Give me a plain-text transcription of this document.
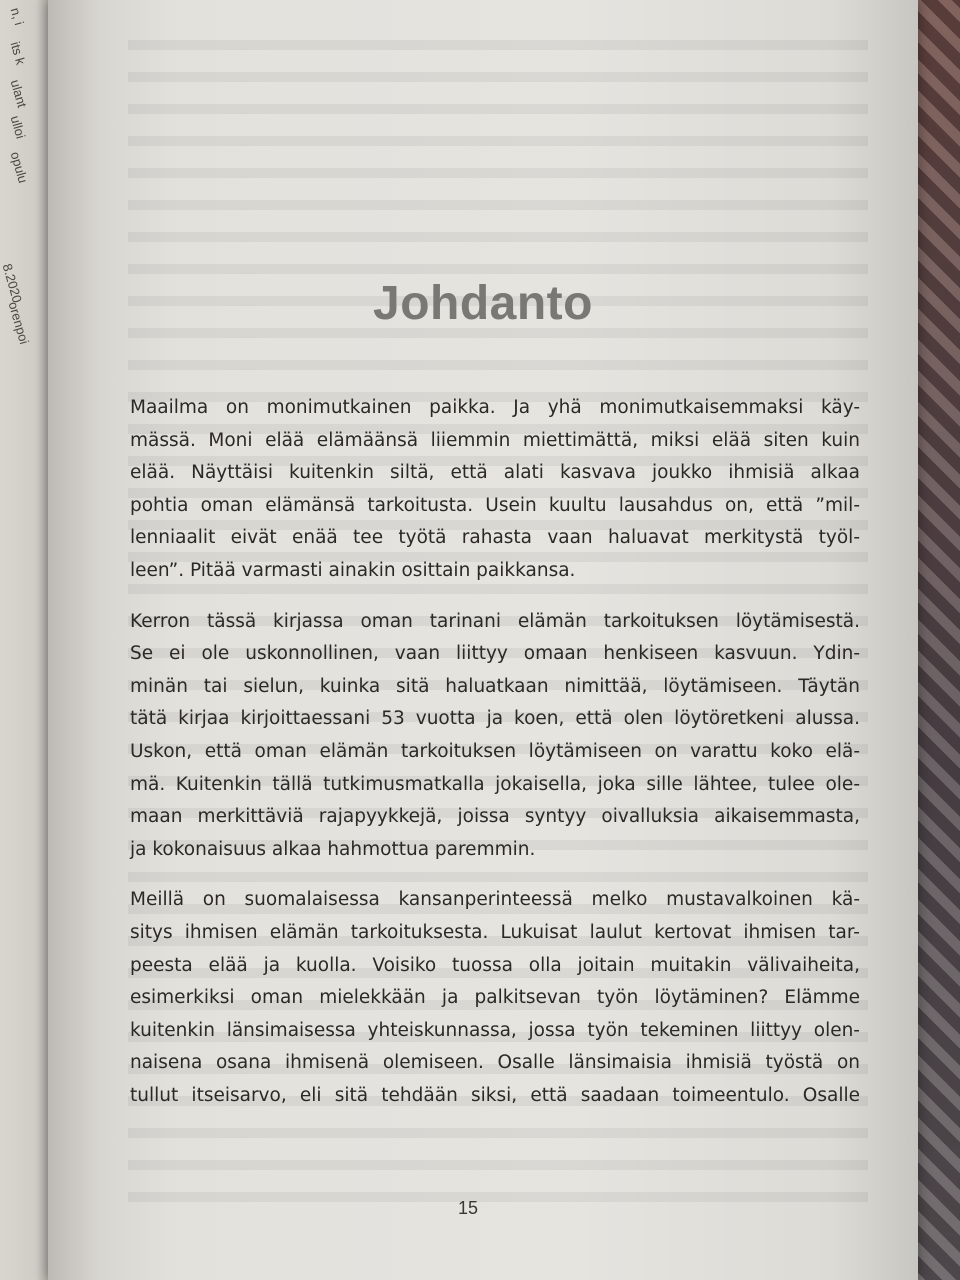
n, i
its k
ulant
ulloi
opulu
8.2020
orenpoi	Johdanto
Maailma on monimutkainen paikka. Ja yhä monimutkaisemmaksi käy-
mässä. Moni elää elämäänsä liiemmin miettimättä, miksi elää siten kuin
elää. Näyttäisi kuitenkin siltä, että alati kasvava joukko ihmisiä alkaa
pohtia oman elämänsä tarkoitusta. Usein kuultu lausahdus on, että ”mil-
lenniaalit eivät enää tee työtä rahasta vaan haluavat merkitystä työl-
leen”. Pitää varmasti ainakin osittain paikkansa.
Kerron tässä kirjassa oman tarinani elämän tarkoituksen löytämisestä.
Se ei ole uskonnollinen, vaan liittyy omaan henkiseen kasvuun. Ydin-
minän tai sielun, kuinka sitä haluatkaan nimittää, löytämiseen. Täytän
tätä kirjaa kirjoittaessani 53 vuotta ja koen, että olen löytöretkeni alussa.
Uskon, että oman elämän tarkoituksen löytämiseen on varattu koko elä-
mä. Kuitenkin tällä tutkimusmatkalla jokaisella, joka sille lähtee, tulee ole-
maan merkittäviä rajapyykkejä, joissa syntyy oivalluksia aikaisemmasta,
ja kokonaisuus alkaa hahmottua paremmin.
Meillä on suomalaisessa kansanperinteessä melko mustavalkoinen kä-
sitys ihmisen elämän tarkoituksesta. Lukuisat laulut kertovat ihmisen tar-
peesta elää ja kuolla. Voisiko tuossa olla joitain muitakin välivaiheita,
esimerkiksi oman mielekkään ja palkitsevan työn löytäminen? Elämme
kuitenkin länsimaisessa yhteiskunnassa, jossa työn tekeminen liittyy olen-
naisena osana ihmisenä olemiseen. Osalle länsimaisia ihmisiä työstä on
tullut itseisarvo, eli sitä tehdään siksi, että saadaan toimeentulo. Osalle
15
